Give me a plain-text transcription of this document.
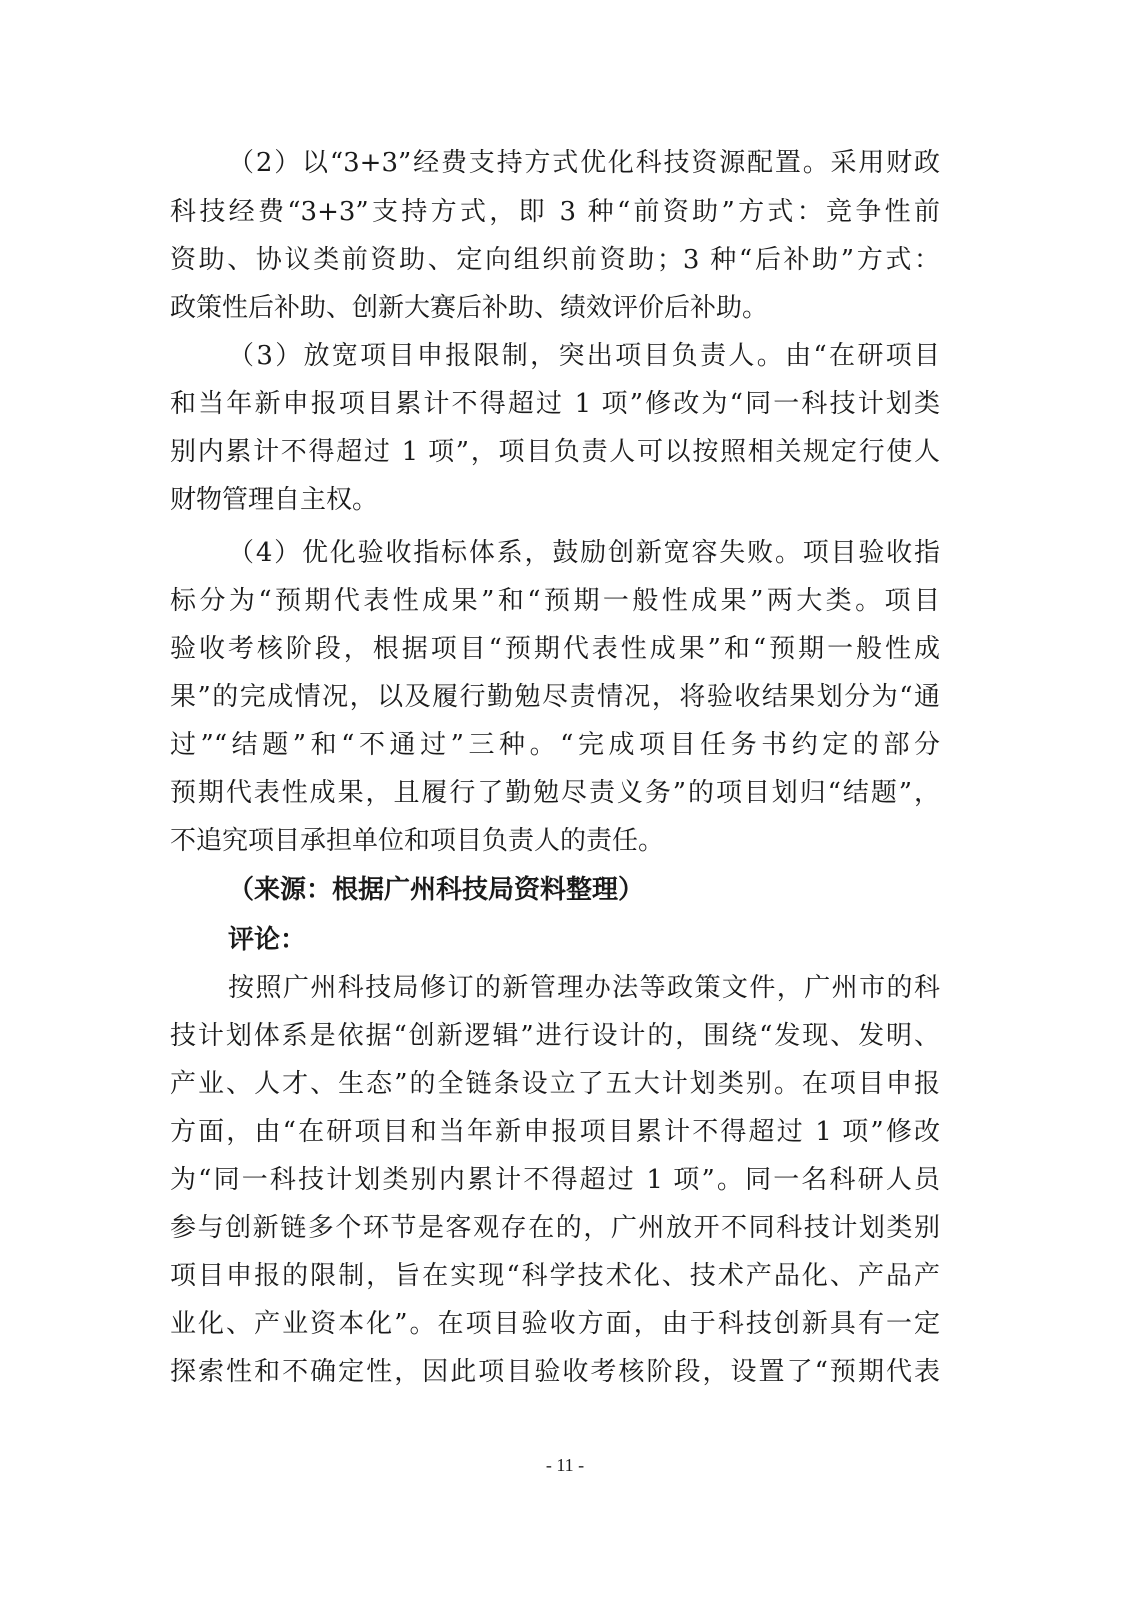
（2）以“3+3”经费支持方式优化科技资源配置。采用财政
科技经费“3+3”支持方式，即 3 种“前资助”方式：竞争性前
资助、协议类前资助、定向组织前资助；3 种“后补助”方式：
政策性后补助、创新大赛后补助、绩效评价后补助。
（3）放宽项目申报限制，突出项目负责人。由“在研项目
和当年新申报项目累计不得超过 1 项”修改为“同一科技计划类
别内累计不得超过 1 项”，项目负责人可以按照相关规定行使人
财物管理自主权。
（4）优化验收指标体系，鼓励创新宽容失败。项目验收指
标分为“预期代表性成果”和“预期一般性成果”两大类。项目
验收考核阶段，根据项目“预期代表性成果”和“预期一般性成
果”的完成情况，以及履行勤勉尽责情况，将验收结果划分为“通
过”“结题”和“不通过”三种。“完成项目任务书约定的部分
预期代表性成果，且履行了勤勉尽责义务”的项目划归“结题”，
不追究项目承担单位和项目负责人的责任。
（来源：根据广州科技局资料整理）
评论：
按照广州科技局修订的新管理办法等政策文件，广州市的科
技计划体系是依据“创新逻辑”进行设计的，围绕“发现、发明、
产业、人才、生态”的全链条设立了五大计划类别。在项目申报
方面，由“在研项目和当年新申报项目累计不得超过 1 项”修改
为“同一科技计划类别内累计不得超过 1 项”。同一名科研人员
参与创新链多个环节是客观存在的，广州放开不同科技计划类别
项目申报的限制，旨在实现“科学技术化、技术产品化、产品产
业化、产业资本化”。在项目验收方面，由于科技创新具有一定
探索性和不确定性，因此项目验收考核阶段，设置了“预期代表
- 11 -
